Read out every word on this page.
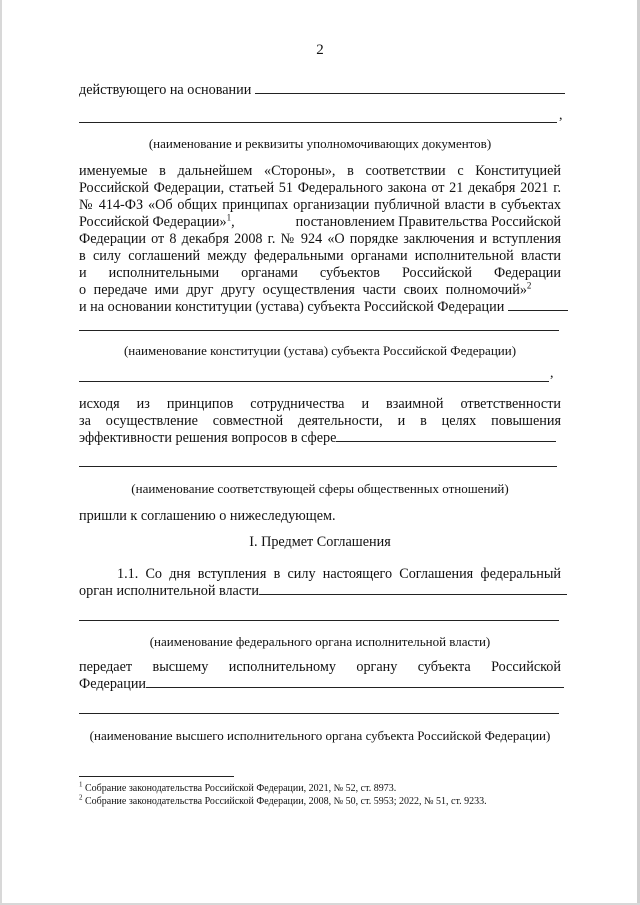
2
действующего на основании
,
(наименование и реквизиты уполномочивающих документов)
именуемые в дальнейшем «Стороны», в соответствии с Конституцией
Российской Федерации, статьей 51 Федерального закона от 21 декабря 2021 г.
№ 414-ФЗ «Об общих принципах организации публичной власти в субъектах
Российской Федерации»$^1$,	постановлением Правительства Российской
Федерации от 8 декабря 2008 г. № 924 «О порядке заключения и вступления
в силу соглашений между федеральными органами исполнительной власти
и исполнительными органами субъектов Российской Федерации
о передаче ими друг другу осуществления части своих полномочий»$^2$
и на основании конституции (устава) субъекта Российской Федерации
(наименование конституции (устава) субъекта Российской Федерации)
,
исходя из принципов сотрудничества и взаимной ответственности
за осуществление совместной деятельности, и в целях повышения
эффективности решения вопросов в сфере
(наименование соответствующей сферы общественных отношений)
пришли к соглашению о нижеследующем.
I. Предмет Соглашения
1.1. Со дня вступления в силу настоящего Соглашения федеральный
орган исполнительной власти
(наименование федерального органа исполнительной власти)
передает высшему исполнительному органу субъекта Российской
Федерации
(наименование высшего исполнительного органа субъекта Российской Федерации)
$^1$ Собрание законодательства Российской Федерации, 2021, № 52, ст. 8973.
$^2$ Собрание законодательства Российской Федерации, 2008, № 50, ст. 5953; 2022, № 51, ст. 9233.
